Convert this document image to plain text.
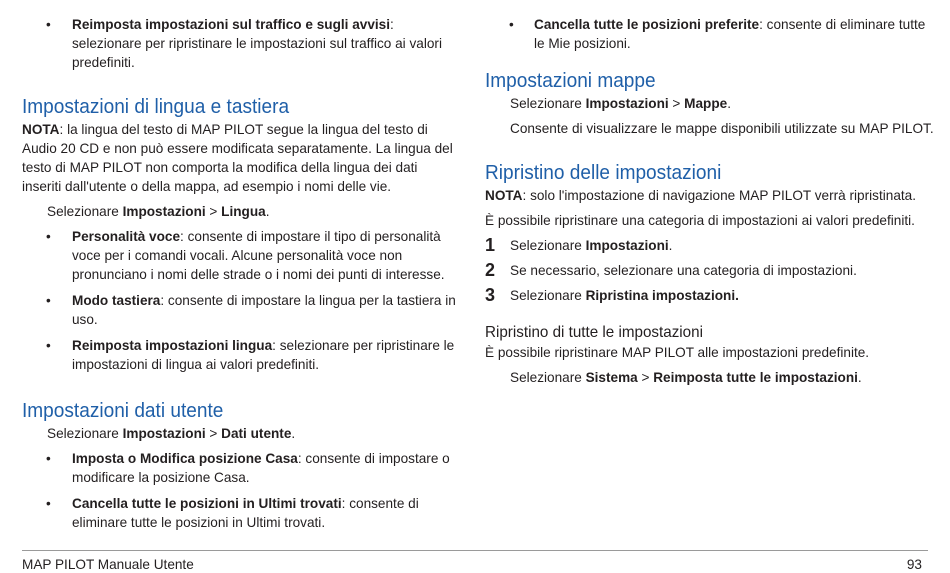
• Reimposta impostazioni sul traffico e sugli avvisi: selezionare per ripristinare le impostazioni sul traffico ai valori predefiniti.
Impostazioni di lingua e tastiera

NOTA: la lingua del testo di MAP PILOT segue la lingua del testo di Audio 20 CD e non può essere modificata separatamente. La lingua del testo di MAP PILOT non comporta la modifica della lingua dei dati inseriti dall'utente o della mappa, ad esempio i nomi delle vie.

Selezionare Impostazioni > Lingua.

• Personalità voce: consente di impostare il tipo di personalità voce per i comandi vocali. Alcune personalità voce non pronunciano i nomi delle strade o i nomi dei punti di interesse.
• Modo tastiera: consente di impostare la lingua per la tastiera in uso.
• Reimposta impostazioni lingua: selezionare per ripristinare le impostazioni di lingua ai valori predefiniti.
Impostazioni dati utente

Selezionare Impostazioni > Dati utente.

• Imposta o Modifica posizione Casa: consente di impostare o modificare la posizione Casa.
• Cancella tutte le posizioni in Ultimi trovati: consente di eliminare tutte le posizioni in Ultimi trovati.
• Cancella tutte le posizioni preferite: consente di eliminare tutte le Mie posizioni.
Impostazioni mappe

Selezionare Impostazioni > Mappe.

Consente di visualizzare le mappe disponibili utilizzate su MAP PILOT.

Ripristino delle impostazioni

NOTA: solo l'impostazione di navigazione MAP PILOT verrà ripristinata.

È possibile ripristinare una categoria di impostazioni ai valori predefiniti.

1 Selezionare Impostazioni.
2 Se necessario, selezionare una categoria di impostazioni.
3 Selezionare Ripristina impostazioni.
Ripristino di tutte le impostazioni

È possibile ripristinare MAP PILOT alle impostazioni predefinite.

Selezionare Sistema > Reimposta tutte le impostazioni.

MAP PILOT Manuale Utente	93
